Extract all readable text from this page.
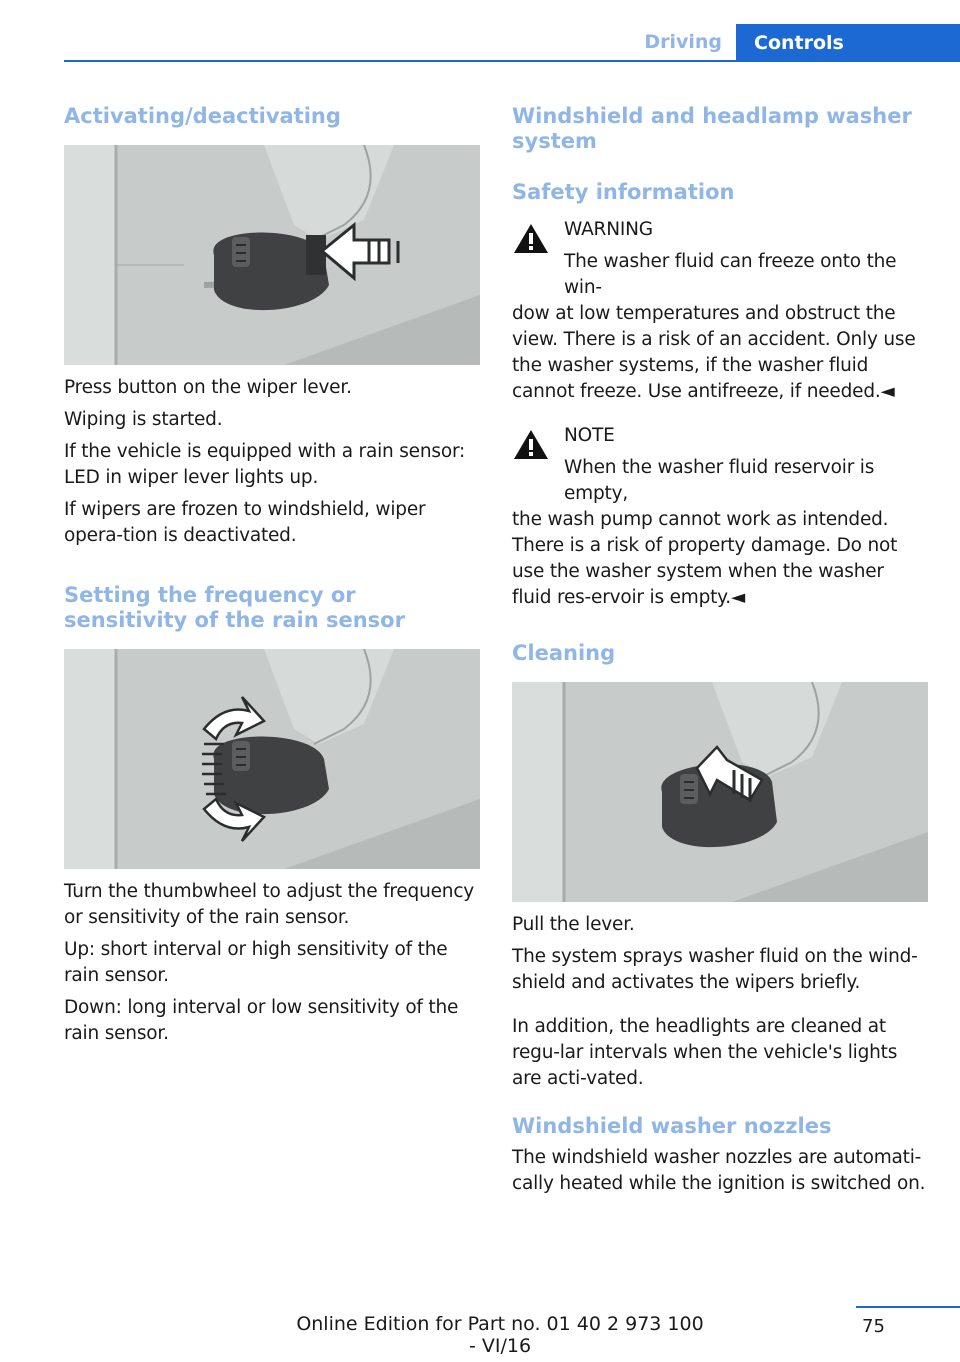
Driving	Controls
Activating/deactivating

Press button on the wiper lever.

Wiping is started.

If the vehicle is equipped with a rain sensor: LED in wiper lever lights up.

If wipers are frozen to windshield, wiper opera‐tion is deactivated.

Setting the frequency or sensitivity of the rain sensor

Turn the thumbwheel to adjust the frequency or sensitivity of the rain sensor.

Up: short interval or high sensitivity of the rain sensor.

Down: long interval or low sensitivity of the rain sensor.

Windshield and headlamp washer system
Safety information

WARNING

The washer fluid can freeze onto the win‐
dow at low temperatures and obstruct the view. There is a risk of an accident. Only use the washer systems, if the washer fluid cannot freeze. Use antifreeze, if needed.◄

NOTE

When the washer fluid reservoir is empty,
the wash pump cannot work as intended. There is a risk of property damage. Do not use the washer system when the washer fluid res‐ervoir is empty.◄

Cleaning

Pull the lever.

The system sprays washer fluid on the wind‐shield and activates the wipers briefly.

In addition, the headlights are cleaned at regu‐lar intervals when the vehicle's lights are acti‐vated.

Windshield washer nozzles

The windshield washer nozzles are automati‐cally heated while the ignition is switched on.

75
Online Edition for Part no. 01 40 2 973 100 - VI/16
